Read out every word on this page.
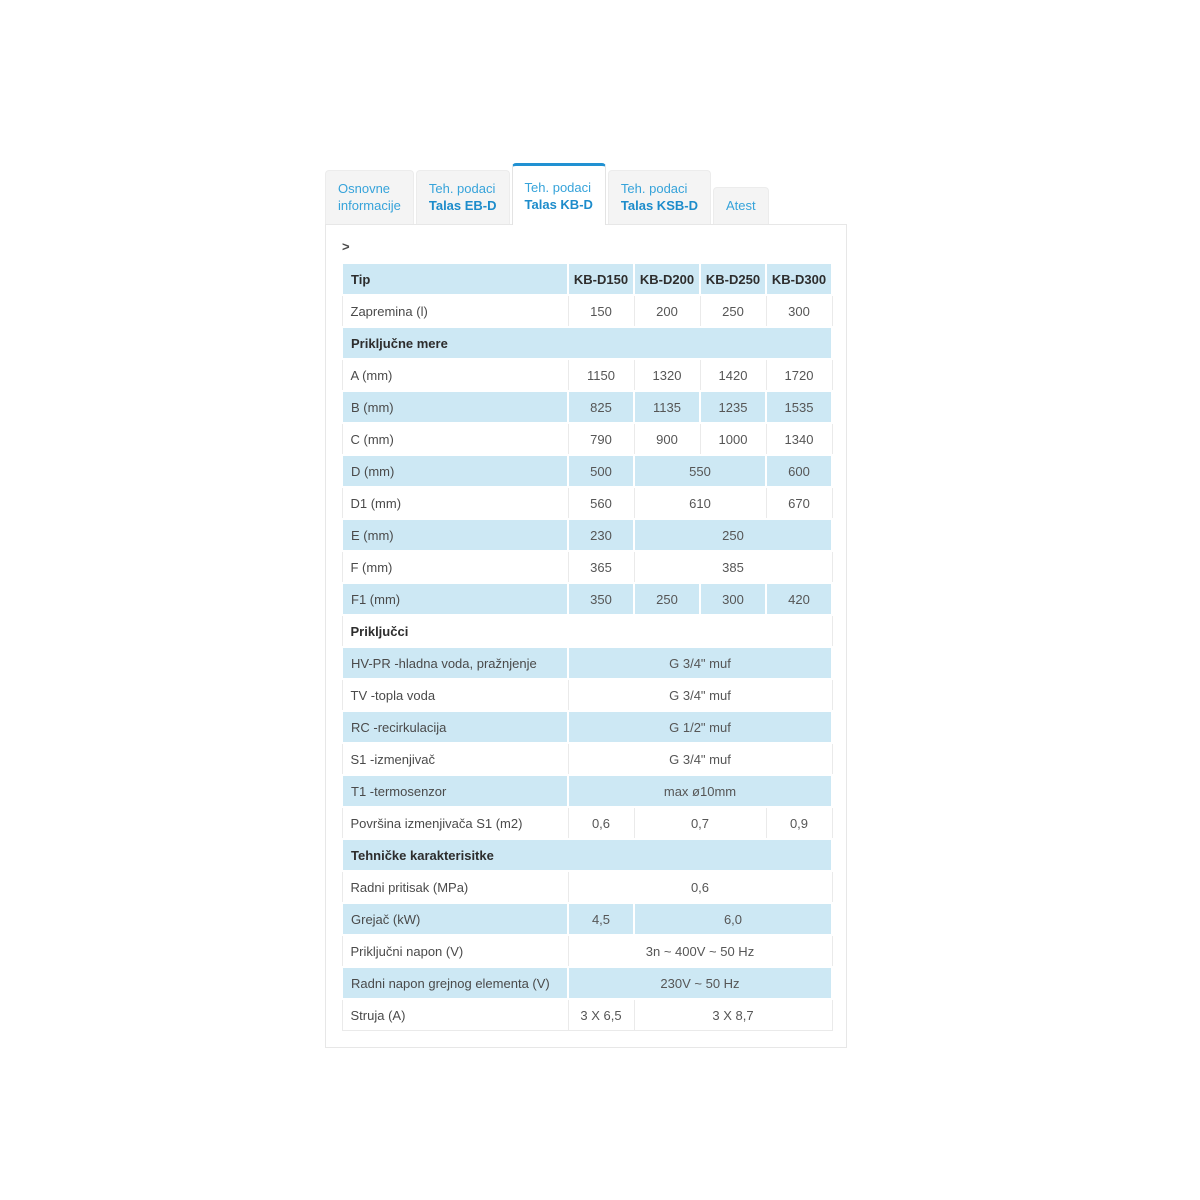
Osnovne
informacije
Teh. podaci
Talas EB-D
Teh. podaci
Talas KB-D
Teh. podaci
Talas KSB-D Atest
>
Tip	KB-D150	KB-D200	KB-D250	KB-D300
Zapremina (l)	150	200	250	300
Priključne mere				
A (mm)	1150	1320	1420	1720
B (mm)	825	1135	1235	1535
C (mm)	790	900	1000	1340
D (mm)	500	550		600
D1 (mm)	560	610		670
E (mm)	230	250		
F (mm)	365	385		
F1 (mm)	350	250	300	420
Priključci				
HV-PR -hladna voda, pražnjenje	G 3/4" muf			
TV -topla voda	G 3/4" muf			
RC -recirkulacija	G 1/2" muf			
S1 -izmenjivač	G 3/4" muf			
T1 -termosenzor	max ø10mm			
Površina izmenjivača S1 (m2)	0,6	0,7		0,9
Tehničke karakterisitke				
Radni pritisak (MPa)	0,6			
Grejač (kW)	4,5	6,0		
Priključni napon (V)	3n ~ 400V ~ 50 Hz			
Radni napon grejnog elementa (V)	230V ~ 50 Hz			
Struja (A)	3 X 6,5	3 X 8,7		
